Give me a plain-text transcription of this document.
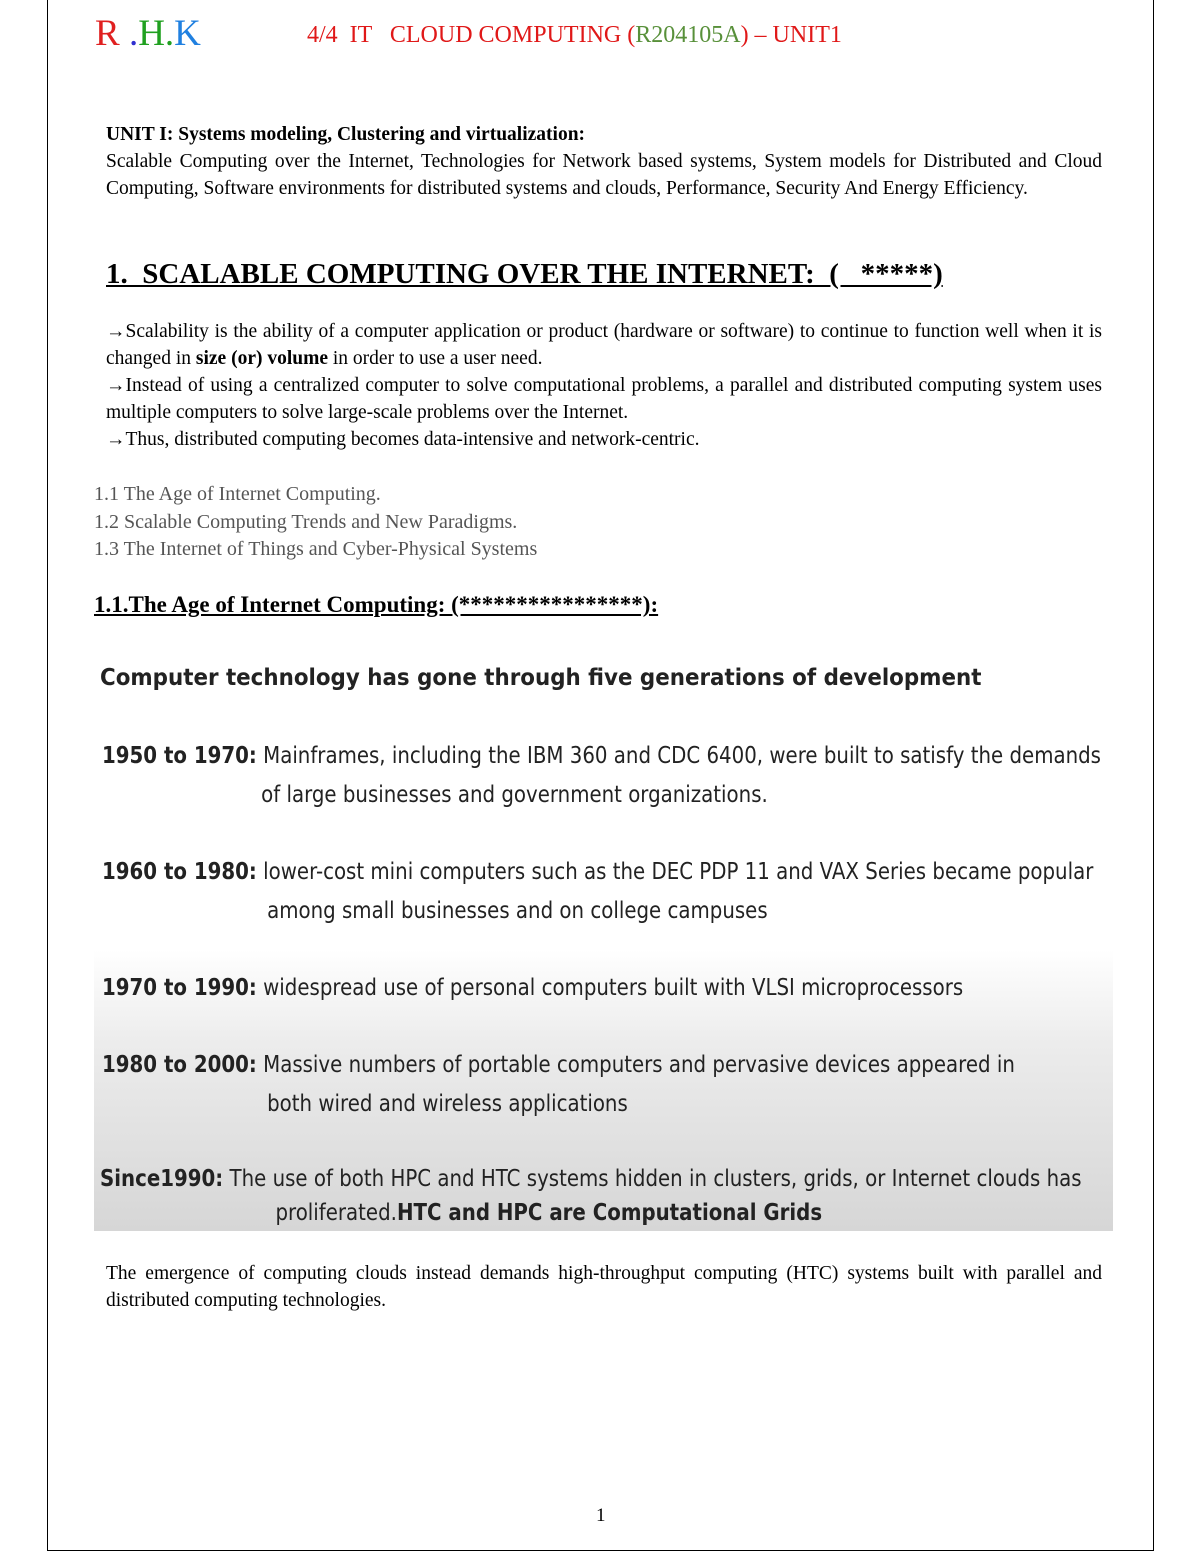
R .H.K	4/4  IT   CLOUD COMPUTING (R204105A) – UNIT1
UNIT I: Systems modeling, Clustering and virtualization:
Scalable Computing over the Internet, Technologies for Network based systems, System models for Distributed and Cloud Computing, Software environments for distributed systems and clouds, Performance, Security And Energy Efficiency.
1.  SCALABLE COMPUTING OVER THE INTERNET:  (   *****)
→Scalability is the ability of a computer application or product (hardware or software) to continue to function well when it is changed in size (or) volume in order to use a user need.
→Instead of using a centralized computer to solve computational problems, a parallel and distributed computing system uses multiple computers to solve large-scale problems over the Internet.
→Thus, distributed computing becomes data-intensive and network-centric.
1.1 The Age of Internet Computing.
1.2 Scalable Computing Trends and New Paradigms.
1.3 The Internet of Things and Cyber-Physical Systems
1.1.The Age of Internet Computing: (****************):
Computer technology has gone through five generations of development
1950 to 1970: Mainframes, including the IBM 360 and CDC 6400, were built to satisfy the demands
of large businesses and government organizations.
1960 to 1980: lower-cost mini computers such as the DEC PDP 11 and VAX Series became popular
among small businesses and on college campuses
1970 to 1990: widespread use of personal computers built with VLSI microprocessors
1980 to 2000: Massive numbers of portable computers and pervasive devices appeared in
both wired and wireless applications
Since1990: The use of both HPC and HTC systems hidden in clusters, grids, or Internet clouds has
proliferated.HTC and HPC are Computational Grids
The emergence of computing clouds instead demands high-throughput computing (HTC) systems built with parallel and distributed computing technologies.
1
